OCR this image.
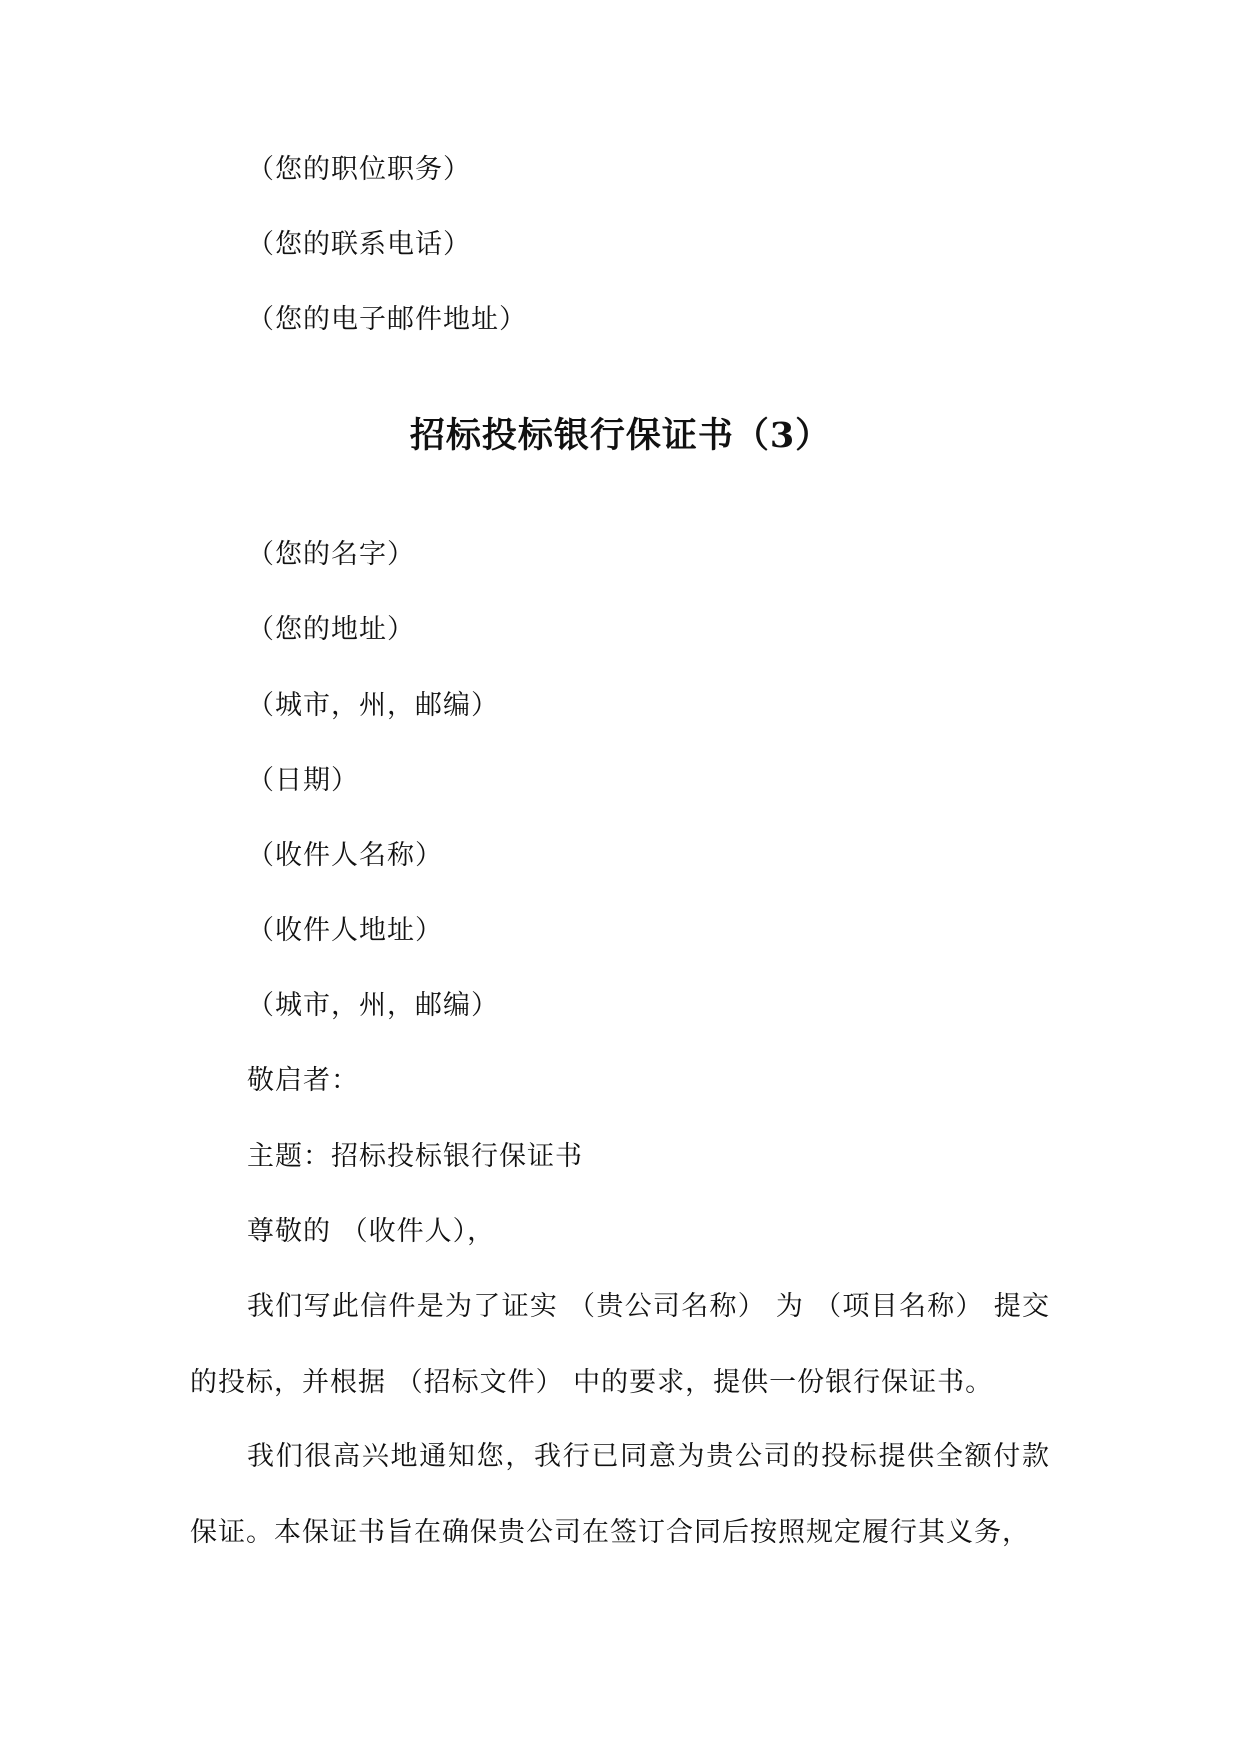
（您的职位职务）
（您的联系电话）
（您的电子邮件地址）
招标投标银行保证书（3）
（您的名字）
（您的地址）
（城市，州，邮编）
（日期）
（收件人名称）
（收件人地址）
（城市，州，邮编）
敬启者：
主题：招标投标银行保证书
尊敬的 （收件人），
我们写此信件是为了证实 （贵公司名称） 为 （项目名称） 提交的投标，并根据 （招标文件） 中的要求，提供一份银行保证书。
我们很高兴地通知您，我行已同意为贵公司的投标提供全额付款保证。本保证书旨在确保贵公司在签订合同后按照规定履行其义务，
